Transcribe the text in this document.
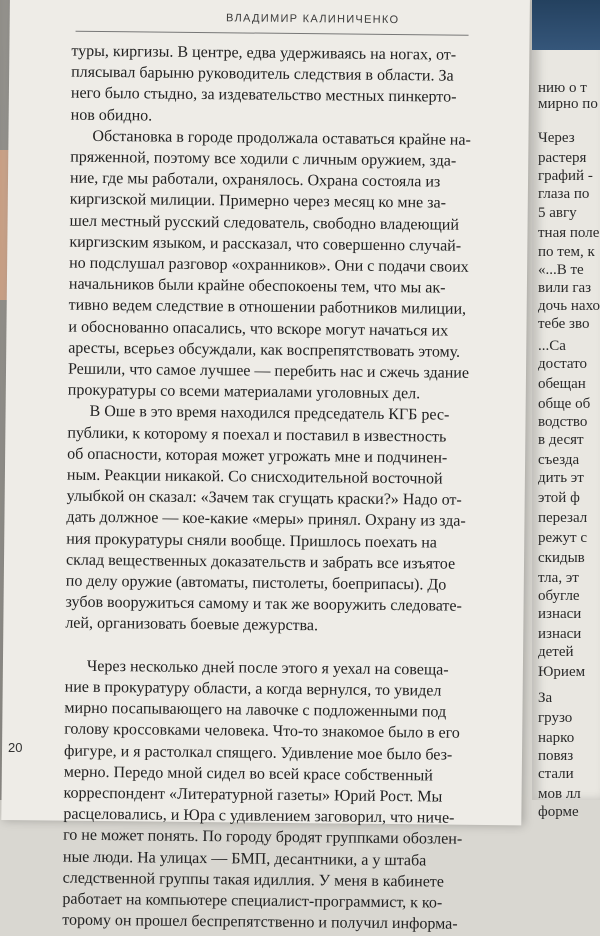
ВЛАДИМИР КАЛИНИЧЕНКО
туры, киргизы. В центре, едва удерживаясь на ногах, от-
плясывал барыню руководитель следствия в области. За
него было стыдно, за издевательство местных пинкерто-
нов обидно.
Обстановка в городе продолжала оставаться крайне на-
пряженной, поэтому все ходили с личным оружием, зда-
ние, где мы работали, охранялось. Охрана состояла из
киргизской милиции. Примерно через месяц ко мне за-
шел местный русский следователь, свободно владеющий
киргизским языком, и рассказал, что совершенно случай-
но подслушал разговор «охранников». Они с подачи своих
начальников были крайне обеспокоены тем, что мы ак-
тивно ведем следствие в отношении работников милиции,
и обоснованно опасались, что вскоре могут начаться их
аресты, всерьез обсуждали, как воспрепятствовать этому.
Решили, что самое лучшее — перебить нас и сжечь здание
прокуратуры со всеми материалами уголовных дел.
В Оше в это время находился председатель КГБ рес-
публики, к которому я поехал и поставил в известность
об опасности, которая может угрожать мне и подчинен-
ным. Реакции никакой. Со снисходительной восточной
улыбкой он сказал: «Зачем так сгущать краски?» Надо от-
дать должное — кое-какие «меры» принял. Охрану из зда-
ния прокуратуры сняли вообще. Пришлось поехать на
склад вещественных доказательств и забрать все изъятое
по делу оружие (автоматы, пистолеты, боеприпасы). До
зубов вооружиться самому и так же вооружить следовате-
лей, организовать боевые дежурства.
Через несколько дней после этого я уехал на совеща-
ние в прокуратуру области, а когда вернулся, то увидел
мирно посапывающего на лавочке с подложенными под
голову кроссовками человека. Что-то знакомое было в его
фигуре, и я растолкал спящего. Удивление мое было без-
мерно. Передо мной сидел во всей красе собственный
корреспондент «Литературной газеты» Юрий Рост. Мы
расцеловались, и Юра с удивлением заговорил, что ниче-
го не может понять. По городу бродят группками обозлен-
ные люди. На улицах — БМП, десантники, а у штаба
следственной группы такая идиллия. У меня в кабинете
работает на компьютере специалист-программист, к ко-
торому он прошел беспрепятственно и получил информа-
20
нию о т
мирно по
Через
растеря
графий -
глаза по
5 авгу
тная поле
по тем, к
«...В те
вили газ
дочь нахо
тебе зво
...Са
достато
обещан
обще об
водство
в десят
съезда
дить эт
этой ф
перезал
режут с
скидыв
тла, эт
обугле
изнаси
изнаси
детей
Юрием
За
грузо
нарко
повяз
стали
мов лл
форме
